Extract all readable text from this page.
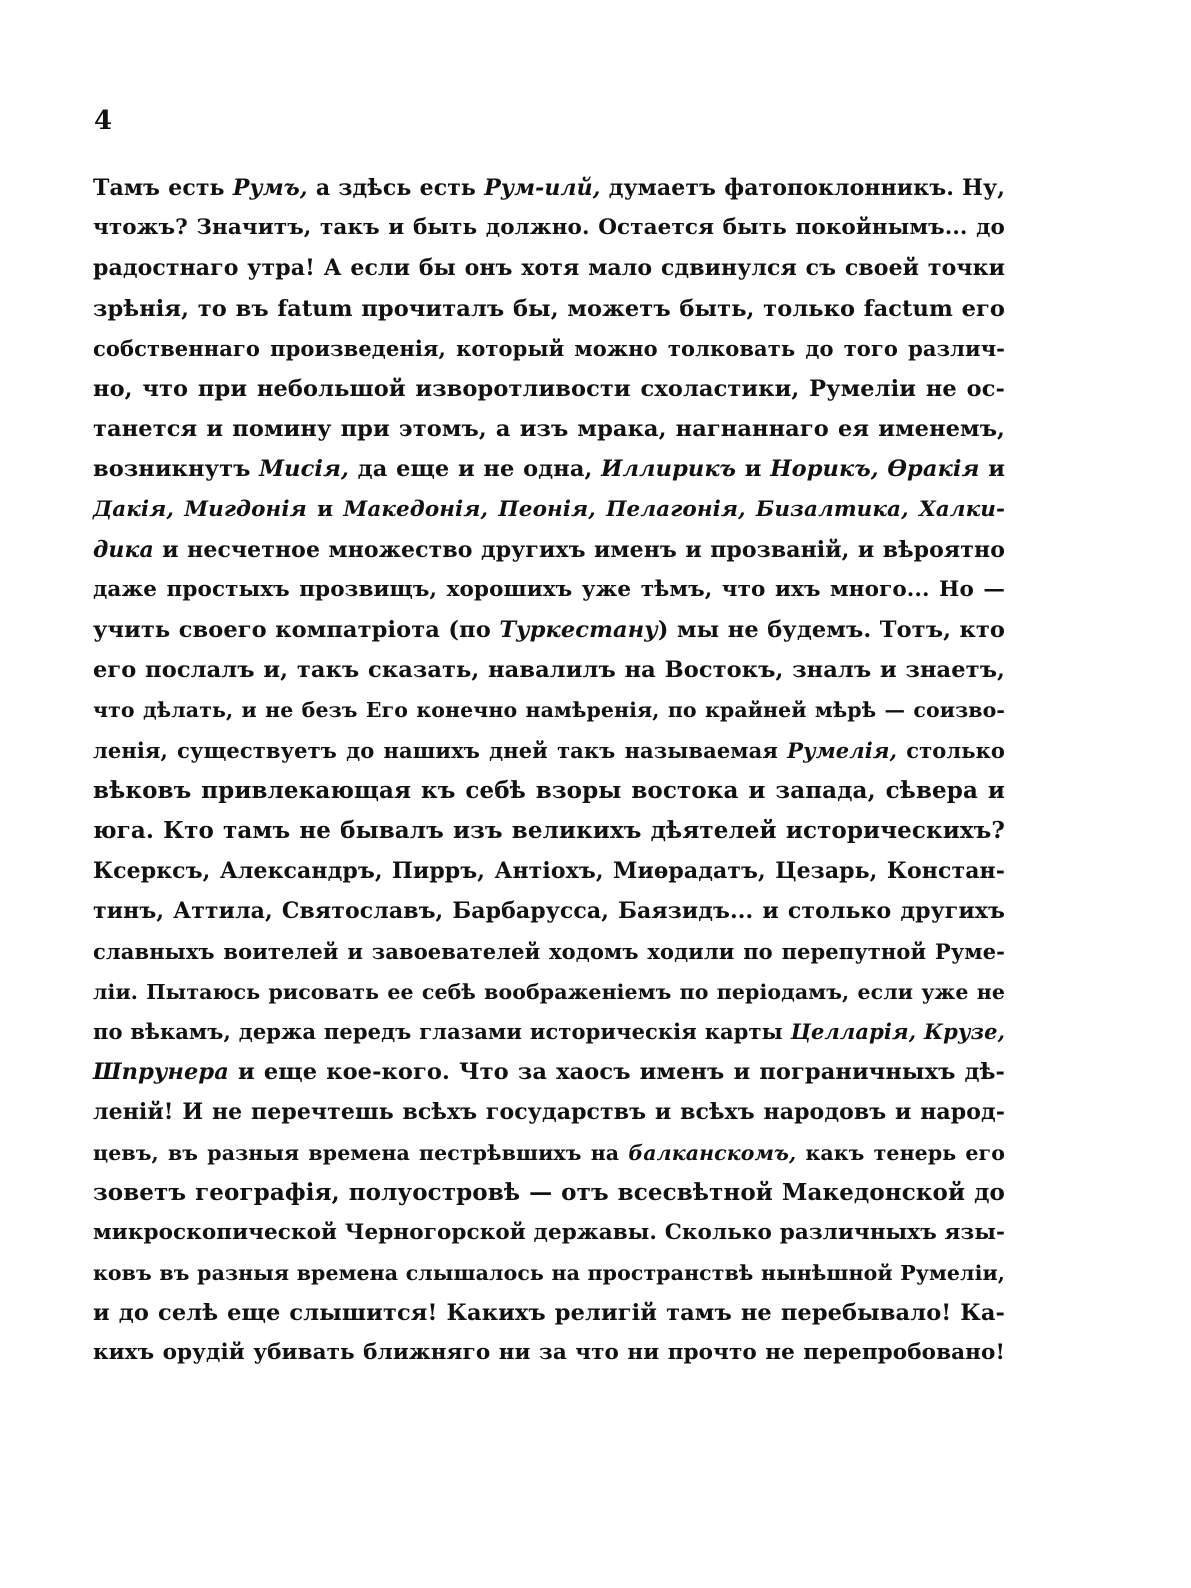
4
Тамъ есть Румъ, а здѣсь есть Рум-илй, думаетъ фатопоклонникъ. Ну,
чтожъ? Значитъ, такъ и быть должно. Остается быть покойнымъ... до
радостнаго утра! А если бы онъ хотя мало сдвинулся съ своей точки
зрѣнія, то въ fatum прочиталъ бы, можетъ быть, только factum его
собственнаго произведенія, который можно толковать до того различ-
но, что при небольшой изворотливости схоластики, Румеліи не ос-
танется и помину при этомъ, а изъ мрака, нагнаннаго ея именемъ,
возникнутъ Мисія, да еще и не одна, Иллирикъ и Норикъ, Ѳракія и
Дакія, Мигдонія и Македонія, Пеонія, Пелагонія, Бизалтика, Халки-
дика и несчетное множество другихъ именъ и прозваній, и вѣроятно
даже простыхъ прозвищъ, хорошихъ уже тѣмъ, что ихъ много... Но —
учить своего компатріота (по Туркестану) мы не будемъ. Тотъ, кто
его послалъ и, такъ сказать, навалилъ на Востокъ, зналъ и знаетъ,
что дѣлать, и не безъ Его конечно намѣренія, по крайней мѣрѣ — соизво-
ленія, существуетъ до нашихъ дней такъ называемая Румелія, столько
вѣковъ привлекающая къ себѣ взоры востока и запада, сѣвера и
юга. Кто тамъ не бывалъ изъ великихъ дѣятелей историческихъ?
Ксерксъ, Александръ, Пирръ, Антіохъ, Миѳрадатъ, Цезарь, Констан-
тинъ, Аттила, Святославъ, Барбаруссa, Баязидъ... и столько другихъ
славныхъ воителей и завоевателей ходомъ ходили по перепутной Руме-
ліи. Пытаюсь рисовать ее себѣ воображеніемъ по періодамъ, если уже не
по вѣкамъ, держа передъ глазами историческія карты Целларія, Крузе,
Шпрунера и еще кое-кого. Что за хаосъ именъ и пограничныхъ дѣ-
леній! И не перечтешь всѣхъ государствъ и всѣхъ народовъ и народ-
цевъ, въ разныя времена пестрѣвшихъ на балканскомъ, какъ тенерь его
зоветъ географія, полуостровѣ — отъ всесвѣтной Македонской до
микроскопической Черногорской державы. Сколько различныхъ язы-
ковъ въ разныя времена слышалось на пространствѣ нынѣшной Румеліи,
и до селѣ еще слышится! Какихъ религій тамъ не перебывало! Ка-
кихъ орудій убивать ближняго ни за что ни прочто не перепробовано!
